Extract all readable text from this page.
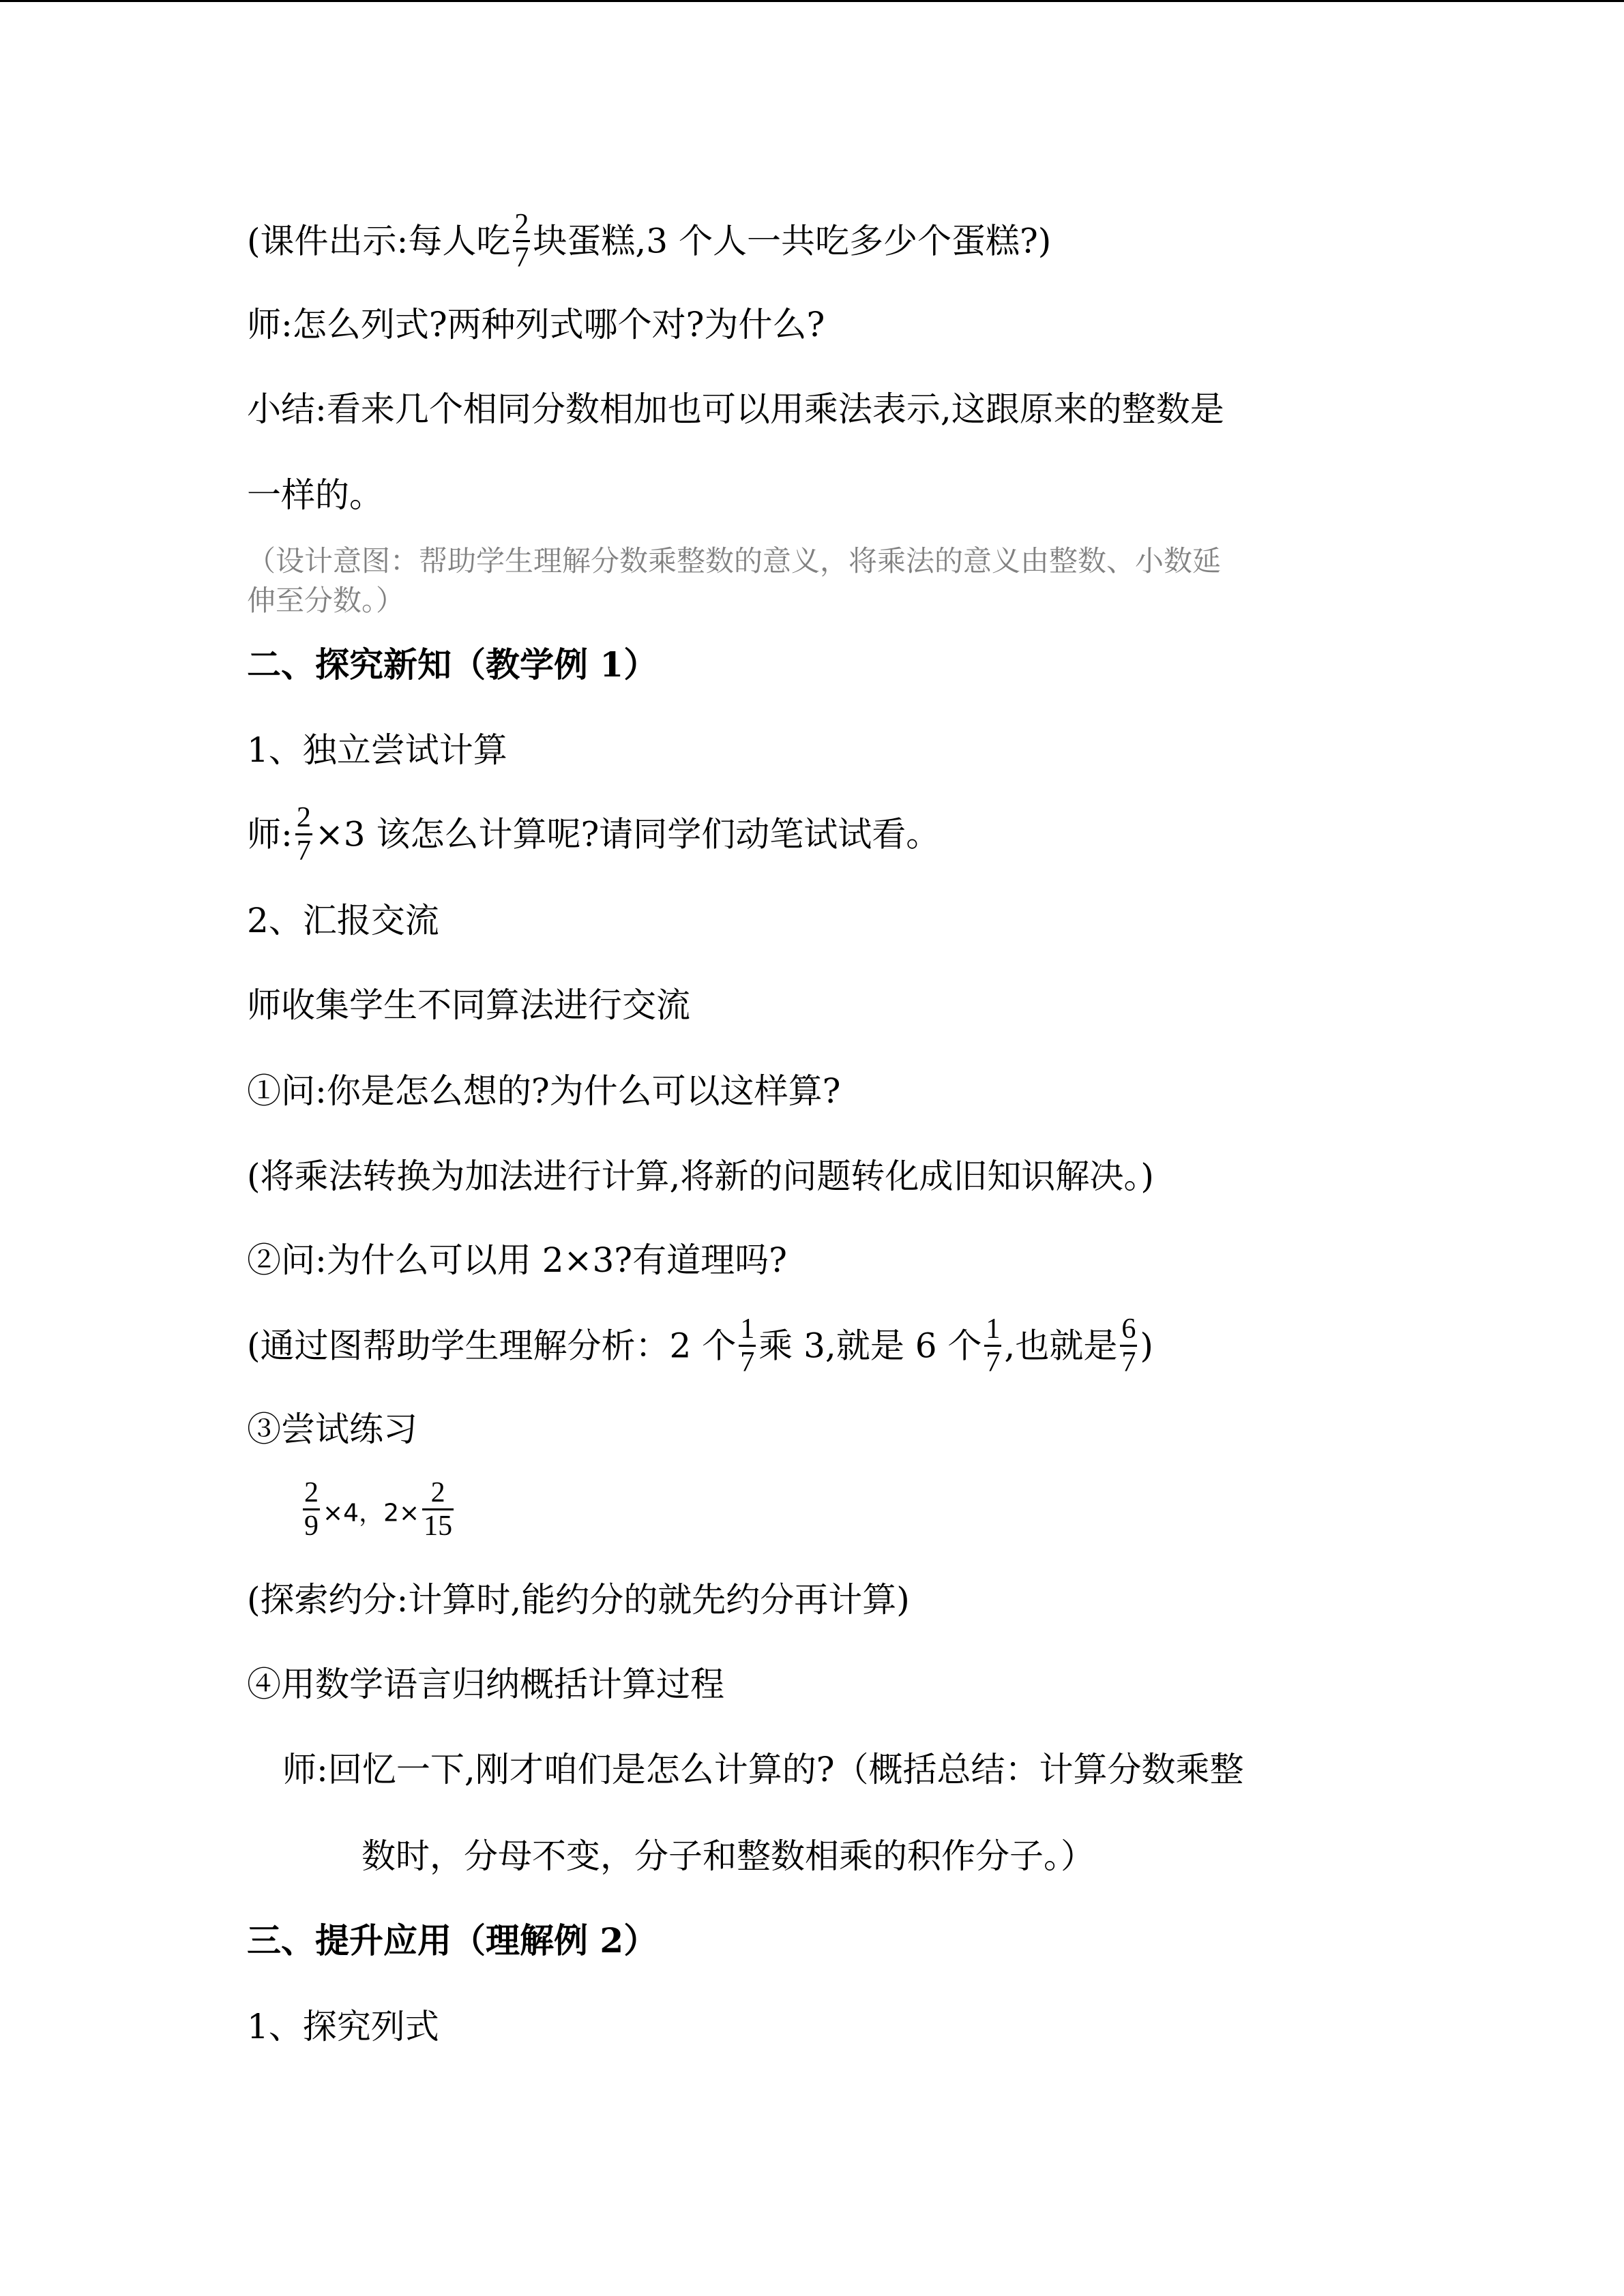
(课件出示:每人吃 $\frac{2}{7}$ 块蛋糕,3 个人一共吃多少个蛋糕?)
师:怎么列式?两种列式哪个对?为什么?
小结:看来几个相同分数相加也可以用乘法表示,这跟原来的整数是
一样的。
（设计意图：帮助学生理解分数乘整数的意义，将乘法的意义由整数、小数延
伸至分数。）
二、探究新知（教学例 1）
1、独立尝试计算
师: $\frac{2}{7} \times 3$ 该怎么计算呢?请同学们动笔试试看。
2、汇报交流
师收集学生不同算法进行交流
①问:你是怎么想的?为什么可以这样算?
(将乘法转换为加法进行计算,将新的问题转化成旧知识解决。)
②问:为什么可以用 2×3?有道理吗?
(通过图帮助学生理解分析：2 个 $\frac{1}{7}$ 乘 3,就是 6 个 $\frac{1}{7}$ ,也就是 $\frac{6}{7}$ )
③尝试练习
$\frac{2}{9} \times 4$，$2\times \frac{2}{15}$
(探索约分:计算时,能约分的就先约分再计算)
④用数学语言归纳概括计算过程
师:回忆一下,刚才咱们是怎么计算的?（概括总结：计算分数乘整
数时，分母不变，分子和整数相乘的积作分子。）
三、提升应用（理解例 2）
1、探究列式
